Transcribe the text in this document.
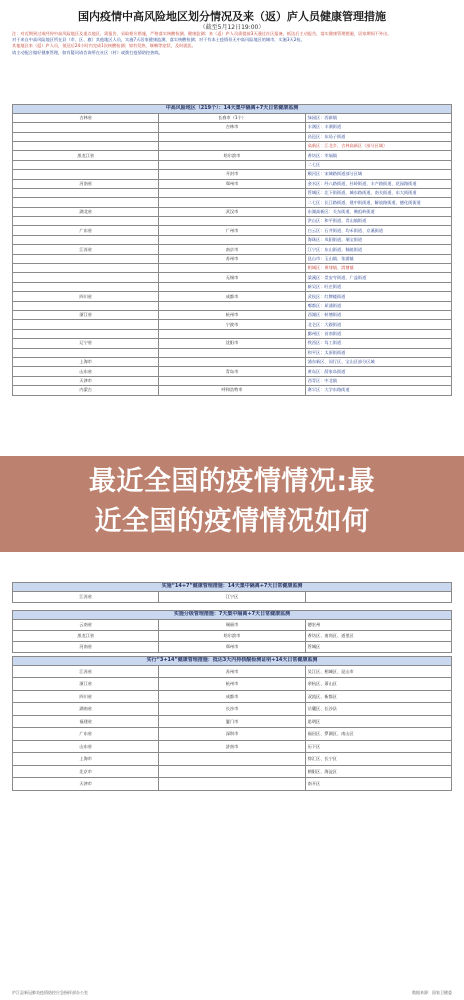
国内疫情中高风险地区划分情况及来（返）庐人员健康管理措施
（截至5月12日19:00）
注：对近期到过或经停中高风险地区及重点地区，需报告，采取相应措施，严格落实核酸检测、健康监测；来（返）庐人员需提前3天通过社区报备，抵达后主动报告，落实健康管理措施，居家期间不外出。
对于来自中高风险地区所在县（市、区、旗）其他地区人员，实施7天居家健康监测，落实核酸检测；对于有本土疫情但无中高风险地区的城市，实施3天2检。
其他地区来（返）庐人员，抵达后24小时内完成1次核酸检测；如有发热、咳嗽等症状，及时就医。
请主动配合做好健康管理，如有疑问请咨询所在社区（村）或拨打疫情防控热线。
中高风险地区（219个）：14天集中隔离+7天日常健康监测		
吉林省	长春市（1个）	绿园区：西新镇
	吉林市	丰满区：丰满街道
		昌邑区：东局子街道
		高新区：江北乡、吉林高新区（部分区域）
黑龙江省	哈尔滨市	香坊区：幸福镇
		二七区
	开封市	顺河区：宋城路街道部分区域
河南省	郑州市	金水区：经八路街道、杜岭街道、丰产路街道、花园路街道
		管城区：北下街街道、城东路街道、南关街道、东大街街道
		二七区：长江路街道、建中街街道、解放路街道、德化街街道
湖北省	武汉市	东湖高新区：关东街道、佛祖岭街道
		洪山区：和平街道、青山镇街道
广东省	广州市	白云区：石井街道、均禾街道、京溪街道
		海珠区：凤阳街道、瑞宝街道
江苏省	南京市	江宁区：东山街道、秣陵街道
	苏州市	昆山市：玉山镇、张浦镇
		相城区：黄埭镇、渭塘镇
	无锡市	梁溪区：崇安寺街道、广益街道
		新吴区：旺庄街道
四川省	成都市	武侯区：红牌楼街道
		郫都区：犀浦街道
浙江省	杭州市	西湖区：转塘街道
	宁波市	北仑区：大碶街道
		鄞州区：首南街道
辽宁省	沈阳市	铁西区：笃工街道
		和平区：太原街街道
上海市		浦东新区、闵行区、宝山区部分区域
山东省	青岛市	黄岛区：薛家岛街道
天津市		西青区：中北镇
内蒙古	呼和浩特市	赛罕区：大学东路街道
实施“14+7”健康管理措施：14天集中隔离+7天日常健康监测
江苏省	江宁区	
实施分级管理措施：7天集中隔离+7天日常健康监测		
云南省	瑞丽市	德宏州
黑龙江省	哈尔滨市	香坊区、南岗区、道里区
河南省	郑州市	管城区
实行“3+14”健康管理措施：抵达3天内持核酸检测证明+14天日常健康监测		
江苏省	苏州市	吴江区、相城区、昆山市
浙江省	杭州市	余杭区、萧山区
四川省	成都市	双流区、新都区
湖南省	长沙市	岳麓区、长沙县
福建省	厦门市	思明区
广东省	深圳市	福田区、罗湖区、南山区
山东省	济南市	历下区
上海市		徐汇区、长宁区
北京市		朝阳区、海淀区
天津市		南开区
最近全国的疫情情况:最
近全国的疫情情况如何
庐江县新冠肺炎疫情防控应急指挥部办公室	数据来源：国家卫健委
